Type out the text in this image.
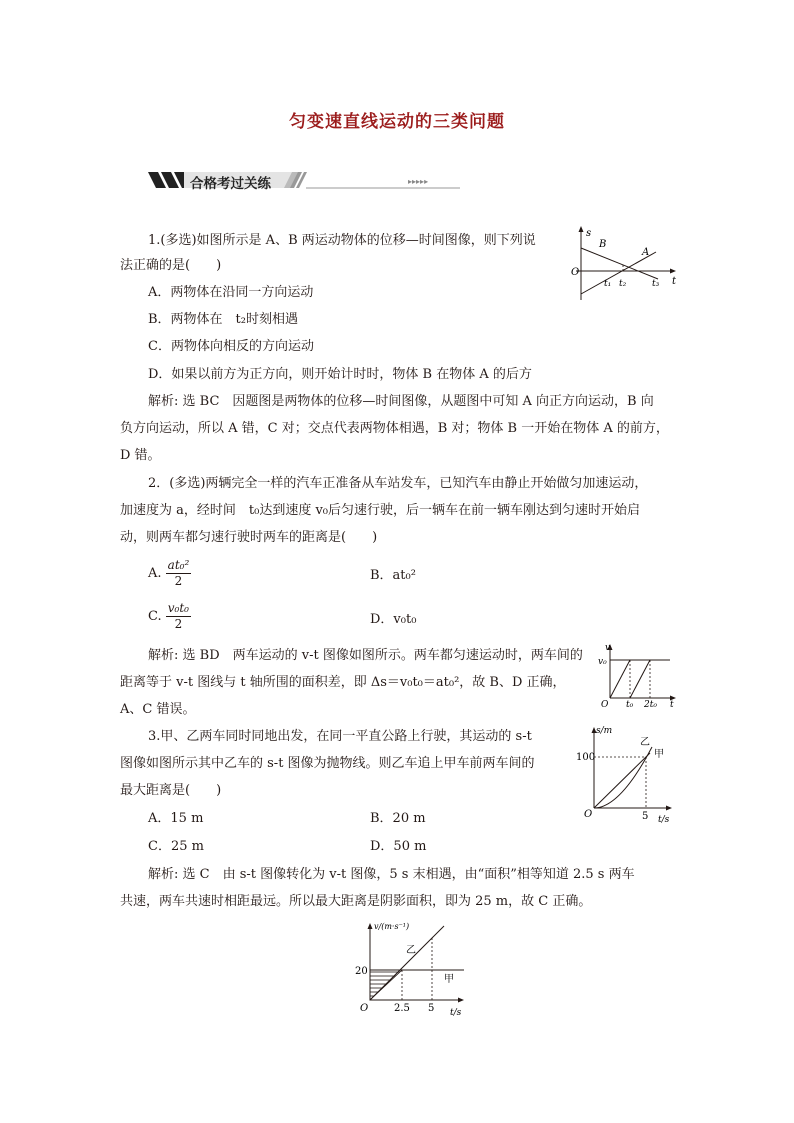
匀变速直线运动的三类问题
▸▸▸▸▸
合格考过关练
1.(多选)如图所示是 A、B 两运动物体的位移—时间图像，则下列说
法正确的是(　　)
A．两物体在沿同一方向运动
B．两物体在　t₂时刻相遇
C．两物体向相反的方向运动
D．如果以前方为正方向，则开始计时时，物体 B 在物体 A 的后方
解析: 选 BC　因题图是两物体的位移—时间图像，从题图中可知 A 向正方向运动，B 向
负方向运动，所以 A 错，C 对；交点代表两物体相遇，B 对；物体 B 一开始在物体 A 的前方，
D 错。
s
t
O
B
A
t₁ t₂	t₃
2．(多选)两辆完全一样的汽车正准备从车站发车，已知汽车由静止开始做匀加速运动，
加速度为 a，经时间　t₀达到速度 v₀后匀速行驶，后一辆车在前一辆车刚达到匀速时开始启
动，则两车都匀速行驶时两车的距离是(　　)
A. $\frac{\text{at₀²}}{2}$	B．at₀²
C. $\frac{\text{v₀t₀}}{2}$	D．v₀t₀
解析: 选 BD　两车运动的 v-t 图像如图所示。两车都匀速运动时，两车间的
距离等于 v-t 图线与 t 轴所围的面积差，即 Δs＝v₀t₀＝at₀²，故 B、D 正确，
A、C 错误。
v
v₀
O t₀ 2t₀ t
3.甲、乙两车同时同地出发，在同一平直公路上行驶，其运动的 s-t
图像如图所示其中乙车的 s-t 图像为抛物线。则乙车追上甲车前两车间的
最大距离是(　　)
A．15 m	B．20 m
C．25 m	D．50 m
解析: 选 C　由 s-t 图像转化为 v-t 图像，5 s 末相遇，由“面积”相等知道 2.5 s 两车
共速，两车共速时相距最远。所以最大距离是阴影面积，即为 25 m，故 C 正确。
s/m
100
乙
甲
O	5 t/s
v/(m·s⁻¹)
乙
20
甲
O	2.5 5 t/s
